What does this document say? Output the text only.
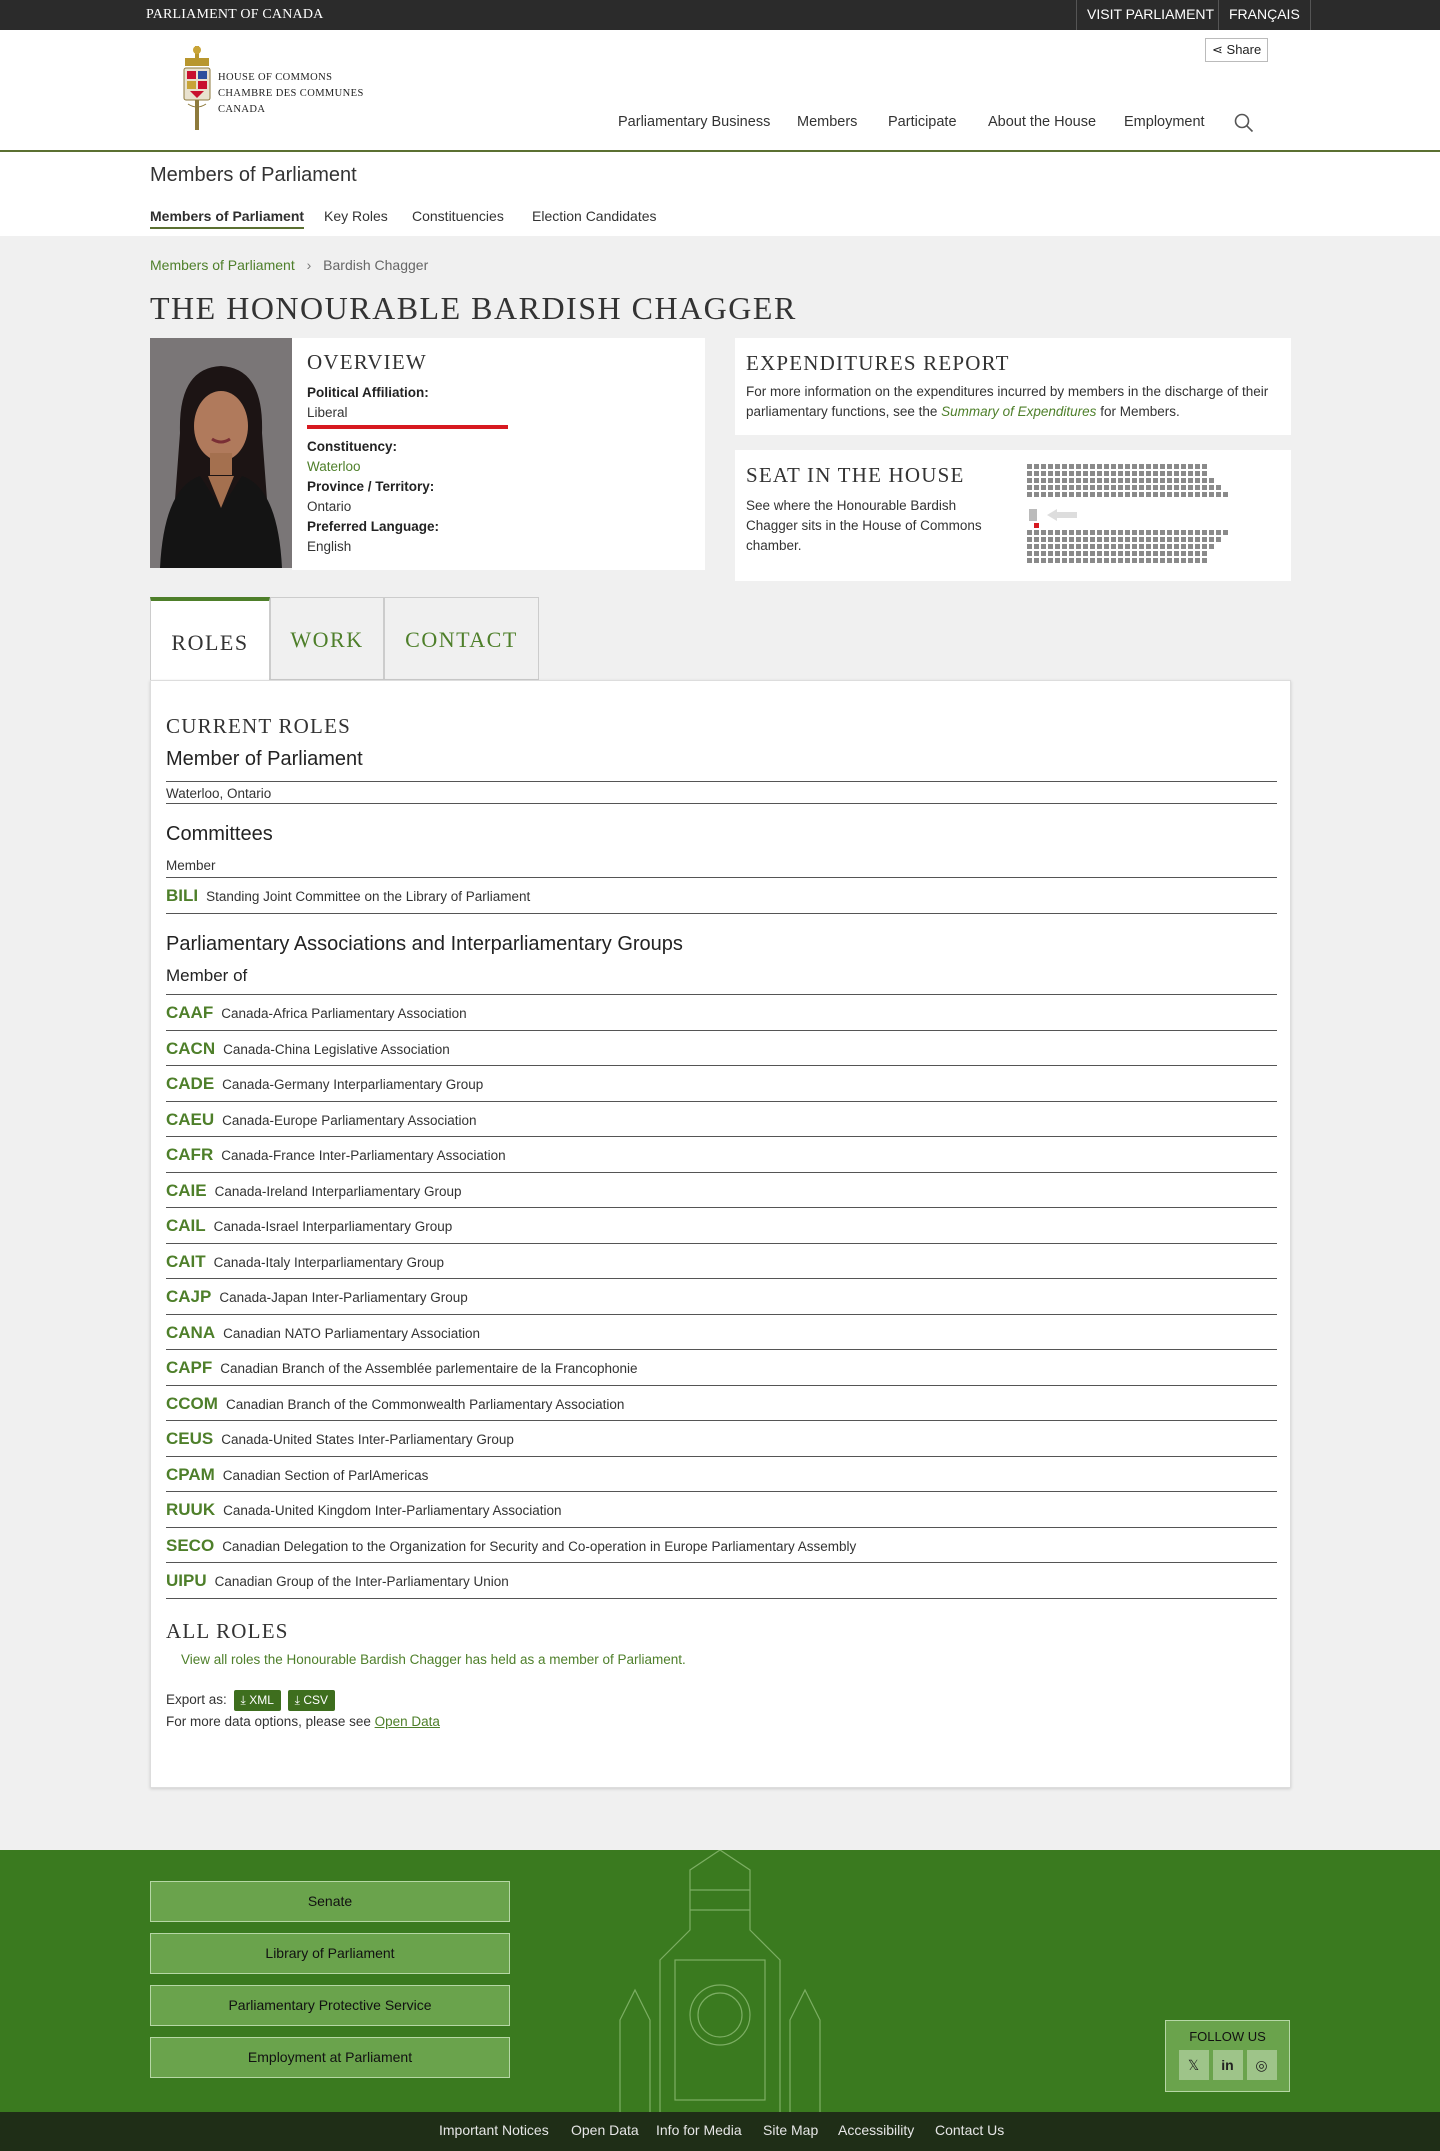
PARLIAMENT OF CANADA	VISIT PARLIAMENT	FRANÇAIS
HOUSE OF COMMONS
CHAMBRE DES COMMUNES
CANADA
⋖ Share
Parliamentary Business Members Participate About the House Employment
Members of Parliament
Members of Parliament Key Roles Constituencies Election Candidates
Members of Parliament › Bardish Chagger
THE HONOURABLE BARDISH CHAGGER
OVERVIEW
Political Affiliation:
Liberal
Constituency:
Waterloo
Province / Territory:
Ontario
Preferred Language:
English
EXPENDITURES REPORT
For more information on the expenditures incurred by members in the discharge of their parliamentary functions, see the Summary of Expenditures for Members.
SEAT IN THE HOUSE
See where the Honourable Bardish Chagger sits in the House of Commons chamber.
ROLES	WORK	CONTACT
CURRENT ROLES
Member of Parliament
Waterloo, Ontario
Committees
Member
BILI Standing Joint Committee on the Library of Parliament
Parliamentary Associations and Interparliamentary Groups
Member of
CAAF Canada-Africa Parliamentary Association
CACN Canada-China Legislative Association
CADE Canada-Germany Interparliamentary Group
CAEU Canada-Europe Parliamentary Association
CAFR Canada-France Inter-Parliamentary Association
CAIE Canada-Ireland Interparliamentary Group
CAIL Canada-Israel Interparliamentary Group
CAIT Canada-Italy Interparliamentary Group
CAJP Canada-Japan Inter-Parliamentary Group
CANA Canadian NATO Parliamentary Association
CAPF Canadian Branch of the Assemblée parlementaire de la Francophonie
CCOM Canadian Branch of the Commonwealth Parliamentary Association
CEUS Canada-United States Inter-Parliamentary Group
CPAM Canadian Section of ParlAmericas
RUUK Canada-United Kingdom Inter-Parliamentary Association
SECO Canadian Delegation to the Organization for Security and Co-operation in Europe Parliamentary Assembly
UIPU Canadian Group of the Inter-Parliamentary Union
ALL ROLES
View all roles the Honourable Bardish Chagger has held as a member of Parliament.
Export as: ⤓ XML ⤓ CSV
For more data options, please see Open Data
Senate
Library of Parliament
Parliamentary Protective Service
Employment at Parliament
FOLLOW US
𝕏 in ◎
Important Notices Open Data Info for Media Site Map Accessibility Contact Us
